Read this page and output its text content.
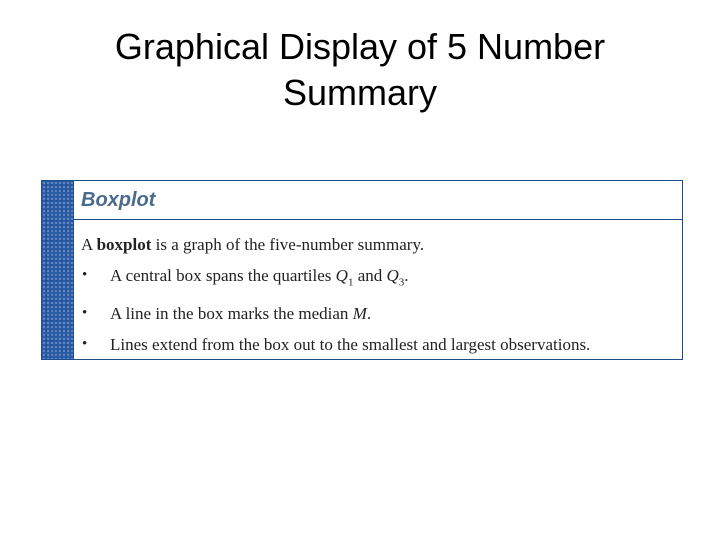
Graphical Display of 5 Number
Summary
Boxplot

A boxplot is a graph of the five-number summary.

• A central box spans the quartiles $Q_1$ and $Q_3$.
• A line in the box marks the median M.
• Lines extend from the box out to the smallest and largest observations.
